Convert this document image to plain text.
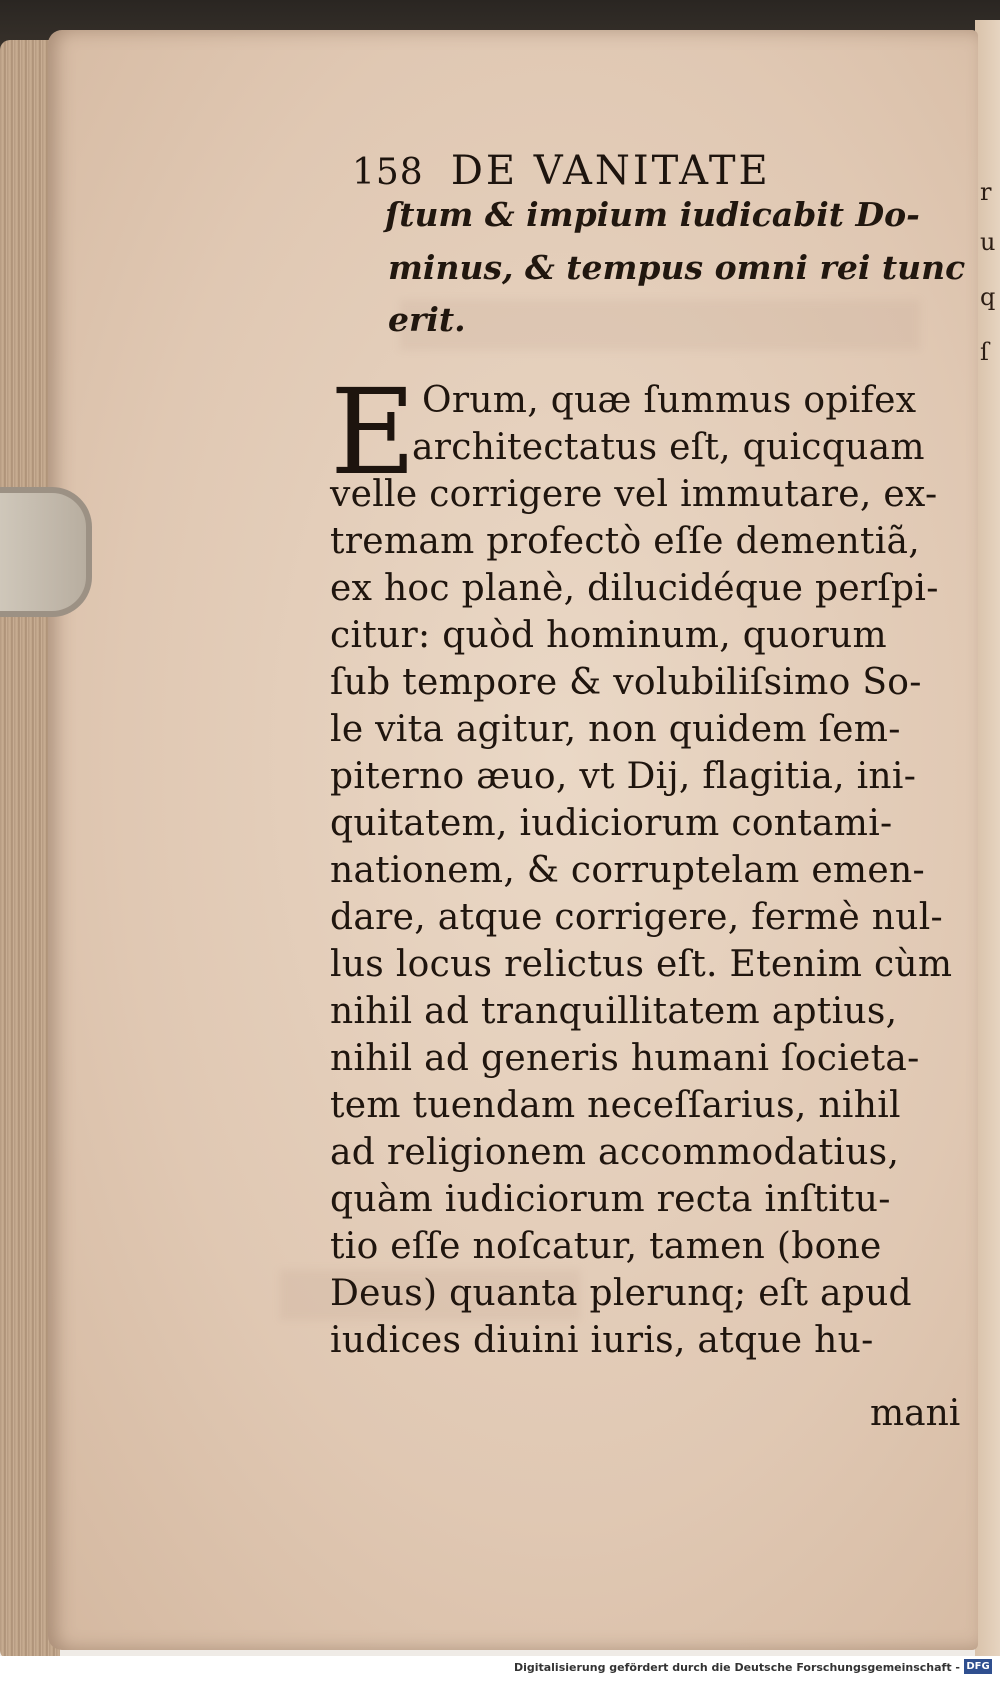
158 DE VANITATE
ſtum & impium iudicabit Do-
minus, & tempus omni rei tunc
erit.
E Orum, quæ ſummus opifex
architectatus eſt, quicquam
velle corrigere vel immutare, ex-
tremam profectò eſſe dementiã,
ex hoc planè, dilucidéque perſpi-
citur: quòd hominum, quorum
ſub tempore & volubiliſsimo So-
le vita agitur, non quidem ſem-
piterno æuo, vt Dij, flagitia, ini-
quitatem, iudiciorum contami-
nationem, & corruptelam emen-
dare, atque corrigere, fermè nul-
lus locus relictus eſt. Etenim cùm
nihil ad tranquillitatem aptius,
nihil ad generis humani ſocieta-
tem tuendam neceſſarius, nihil
ad religionem accommodatius,
quàm iudiciorum recta inſtitu-
tio eſſe noſcatur, tamen (bone
Deus) quanta plerunq; eſt apud
iudices diuini iuris, atque hu-
mani
r
u
q
ſ
Digitalisierung gefördert durch die Deutsche Forschungsgemeinschaft - DFG
